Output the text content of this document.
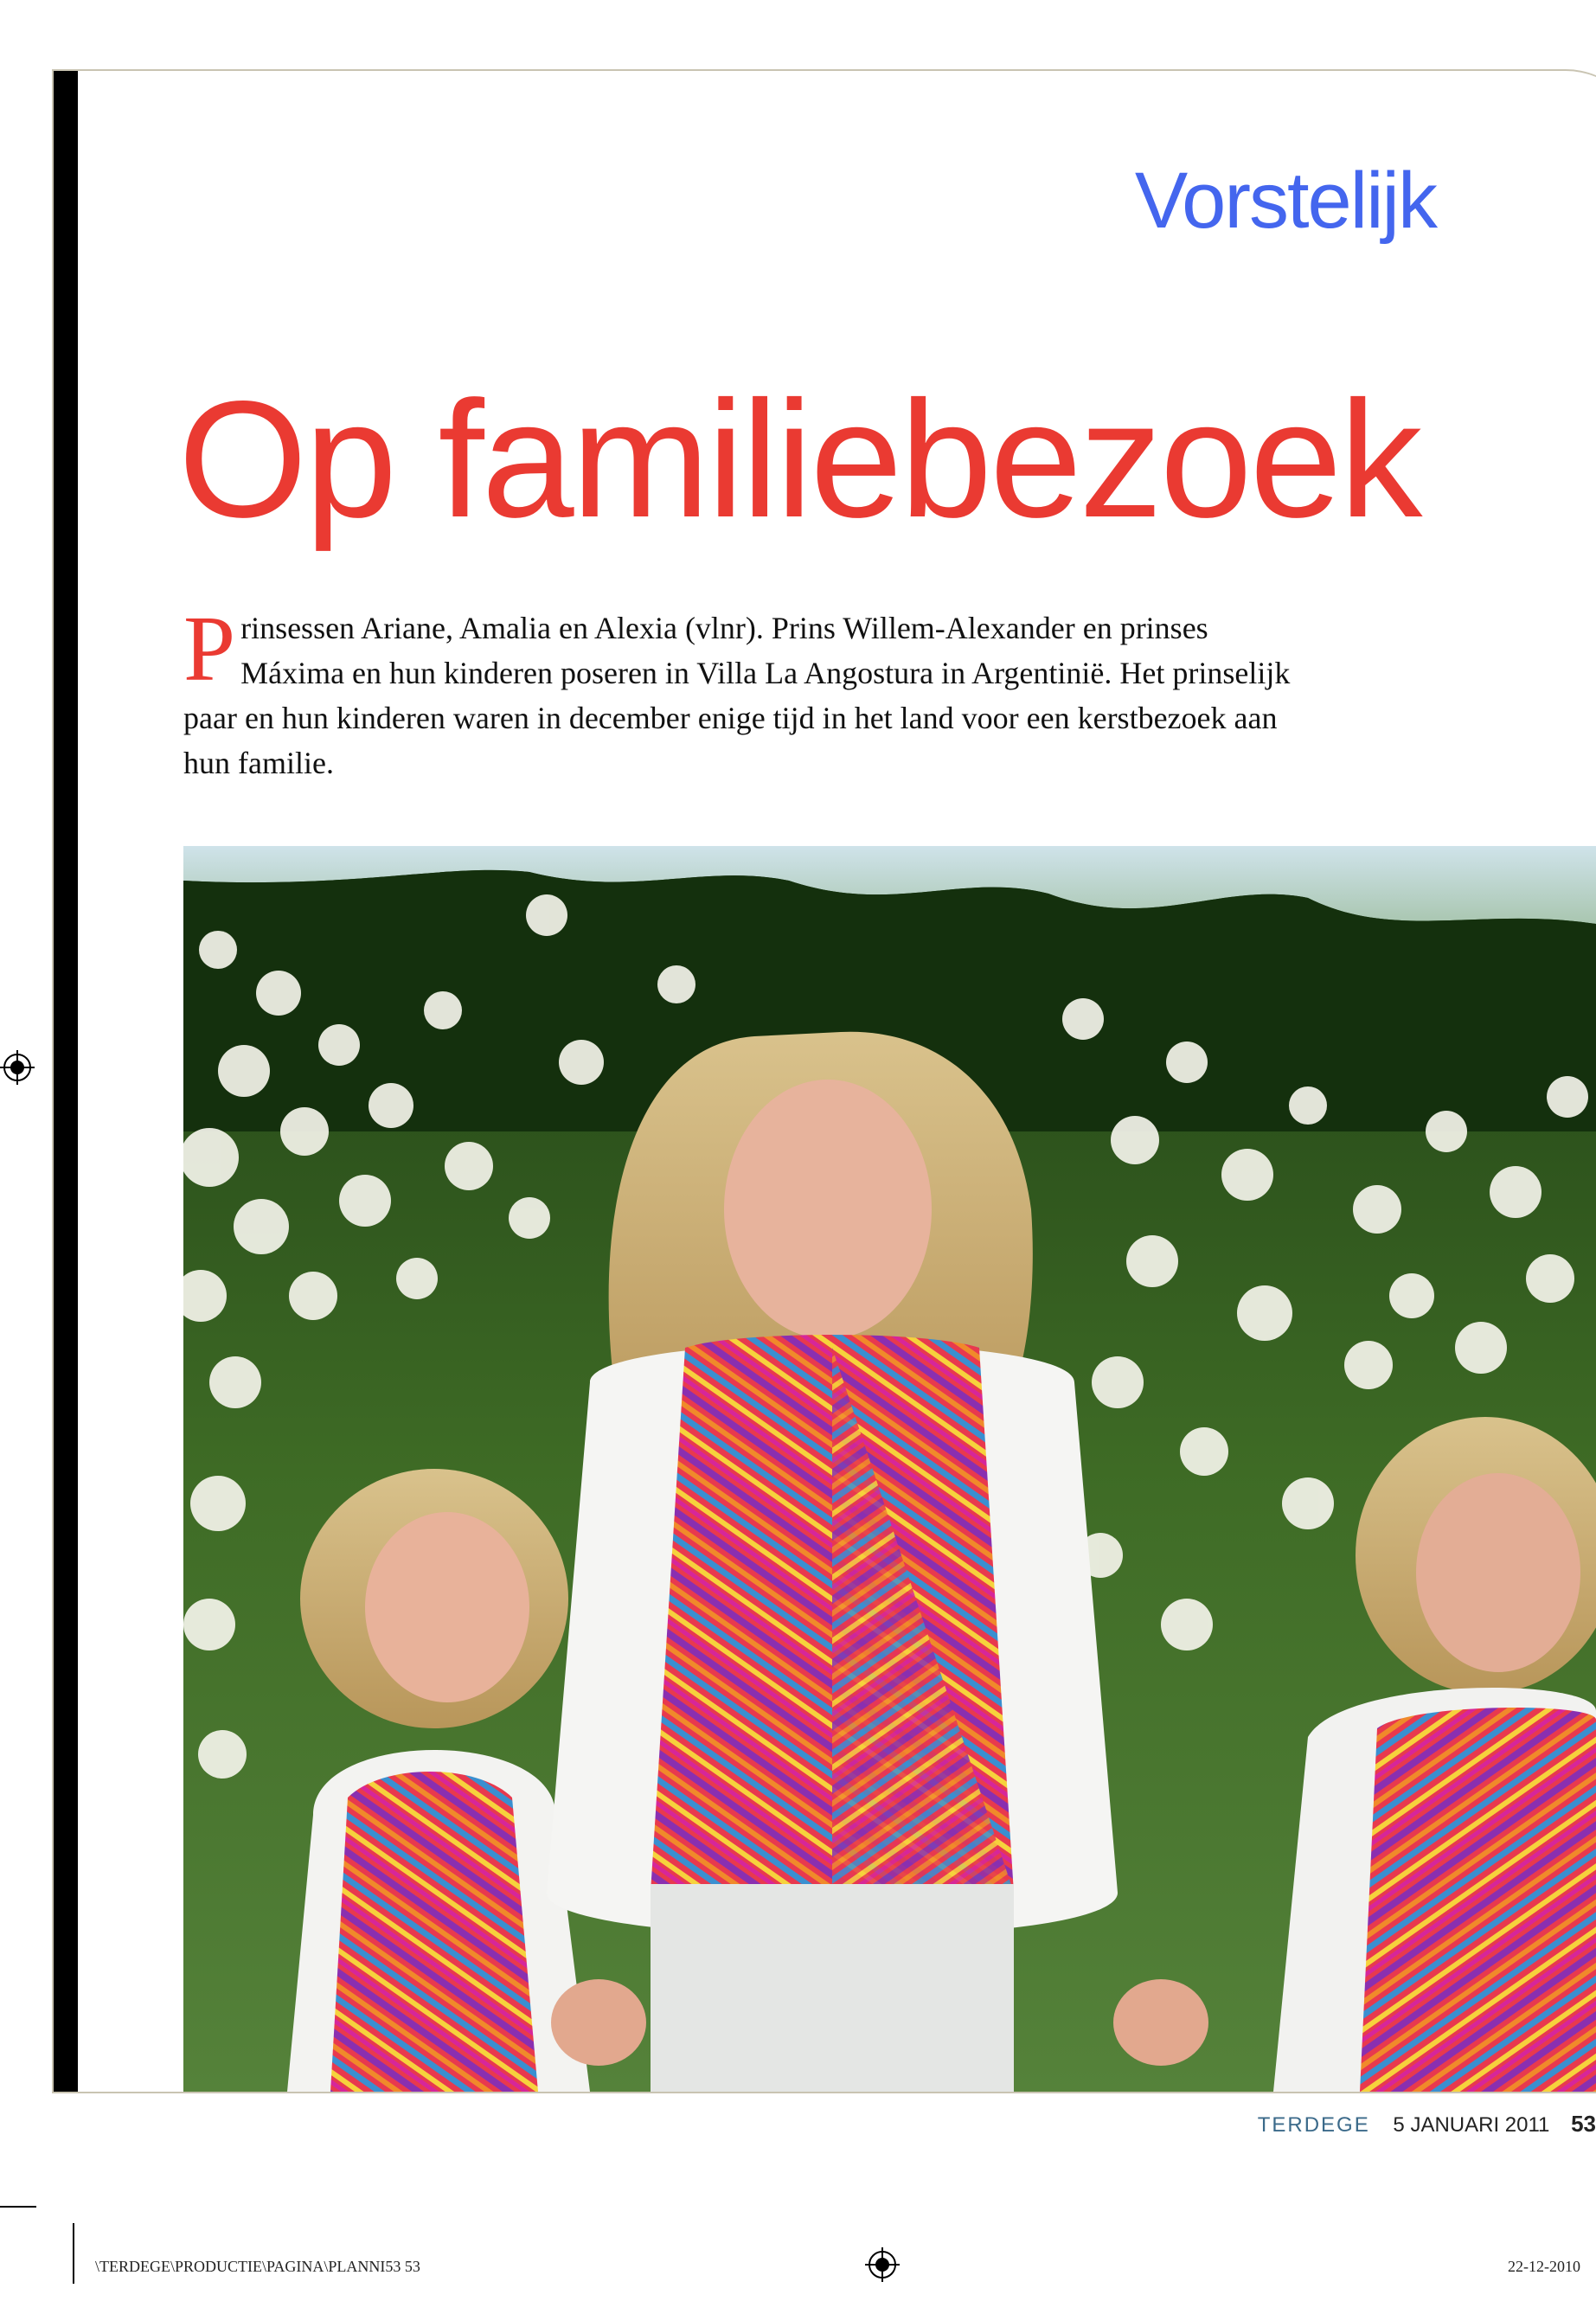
Vorstelijk
Op familiebezoek

Prinsessen Ariane, Amalia en Alexia (vlnr). Prins Willem-Alexander en prinses Máxima en hun kinderen poseren in Villa La Angostura in Argentinië. Het prinselijk paar en hun kinderen waren in december enige tijd in het land voor een kerstbezoek aan hun familie.

TERDEGE 5 JANUARI 2011 53
\TERDEGE\PRODUCTIE\PAGINA\PLANNI53 53	22-12-2010
